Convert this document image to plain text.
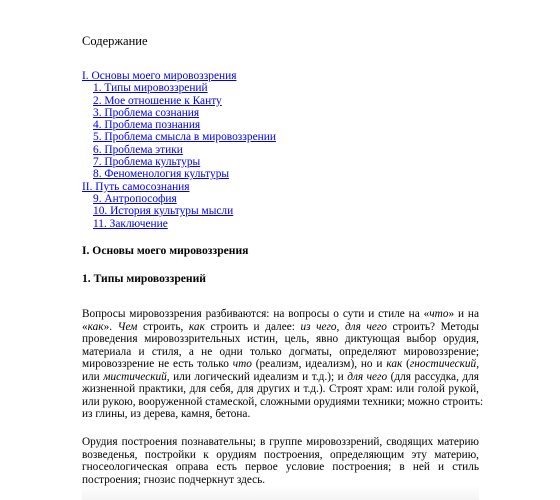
Содержание
I. Основы моего мировоззрения
1. Типы мировоззрений
2. Мое отношение к Канту
3. Проблема сознания
4. Проблема познания
5. Проблема смысла в мировоззрении
6. Проблема этики
7. Проблема культуры
8. Феноменология культуры
II. Путь самосознания
9. Антропософия
10. История культуры мысли
11. Заключение
I. Основы моего мировоззрения
1. Типы мировоззрений

Вопросы мировоззрения разбиваются: на вопросы о сути и стиле на «что» и на
«как». Чем строить, как строить и далее: из чего, для чего строить? Методы
проведения мировоззрительных истин, цель, явно диктующая выбор орудия,
материала и стиля, а не одни только догматы, определяют мировоззрение;
мировоззрение не есть только что (реализм, идеализм), но и как (гностический,
или мистический, или логический идеализм и т.д.); и для чего (для рассудка, для
жизненной практики, для себя, для других и т.д.). Строят храм: или голой рукой,
или рукою, вооруженной стамеской, сложными орудиями техники; можно строить:
из глины, из дерева, камня, бетона.

Орудия построения познавательны; в группе мировоззрений, сводящих материю
возведенья, постройки к орудиям построения, определяющим эту материю,
гносеологическая оправа есть первое условие построения; в ней и стиль
построения; гнозис подчеркнут здесь.
